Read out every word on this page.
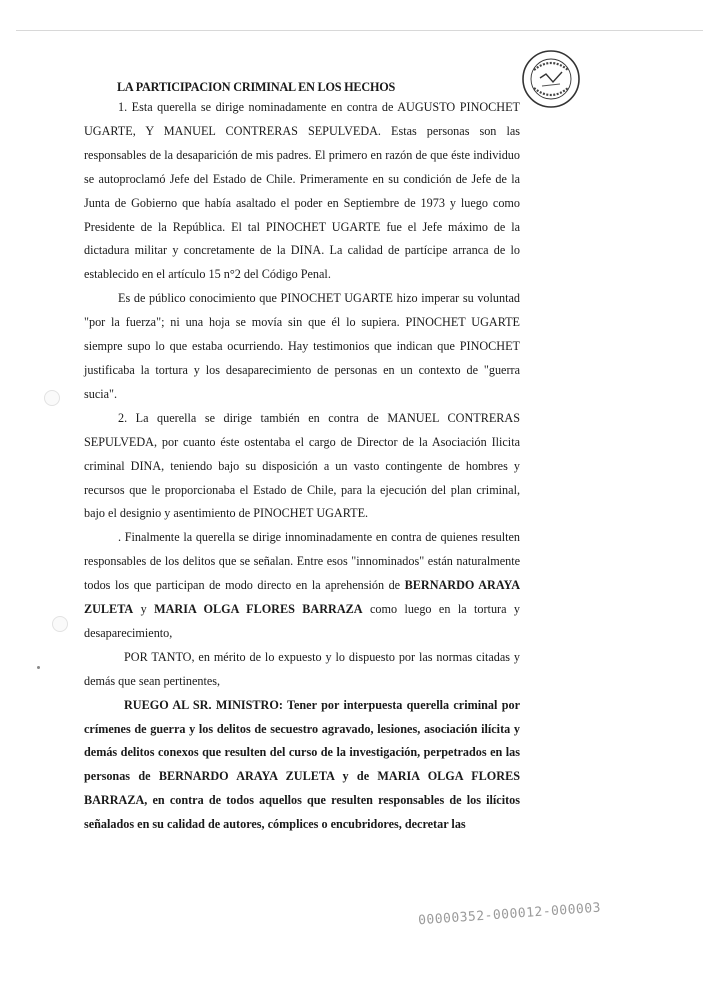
LA PARTICIPACION CRIMINAL EN LOS HECHOS

1. Esta querella se dirige nominadamente en contra de AUGUSTO PINOCHET UGARTE, Y MANUEL CONTRERAS SEPULVEDA. Estas personas son las responsables de la desaparición de mis padres. El primero en razón de que éste individuo se autoproclamó Jefe del Estado de Chile. Primeramente en su condición de Jefe de la Junta de Gobierno que había asaltado el poder en Septiembre de 1973 y luego como Presidente de la República. El tal PINOCHET UGARTE fue el Jefe máximo de la dictadura militar y concretamente de la DINA. La calidad de partícipe arranca de lo establecido en el artículo 15 n°2 del Código Penal.

Es de público conocimiento que PINOCHET UGARTE hizo imperar su voluntad "por la fuerza"; ni una hoja se movía sin que él lo supiera. PINOCHET UGARTE siempre supo lo que estaba ocurriendo. Hay testimonios que indican que PINOCHET justificaba la tortura y los desaparecimiento de personas en un contexto de "guerra sucia".

2. La querella se dirige también en contra de MANUEL CONTRERAS SEPULVEDA, por cuanto éste ostentaba el cargo de Director de la Asociación Ilicita criminal DINA, teniendo bajo su disposición a un vasto contingente de hombres y recursos que le proporcionaba el Estado de Chile, para la ejecución del plan criminal, bajo el designio y asentimiento de PINOCHET UGARTE.

. Finalmente la querella se dirige innominadamente en contra de quienes resulten responsables de los delitos que se señalan. Entre esos "innominados" están naturalmente todos los que participan de modo directo en la aprehensión de BERNARDO ARAYA ZULETA y MARIA OLGA FLORES BARRAZA como luego en la tortura y desaparecimiento,

POR TANTO, en mérito de lo expuesto y lo dispuesto por las normas citadas y demás que sean pertinentes,

RUEGO AL SR. MINISTRO: Tener por interpuesta querella criminal por crímenes de guerra y los delitos de secuestro agravado, lesiones, asociación ilícita y demás delitos conexos que resulten del curso de la investigación, perpetrados en las personas de BERNARDO ARAYA ZULETA y de MARIA OLGA FLORES BARRAZA, en contra de todos aquellos que resulten responsables de los ilícitos señalados en su calidad de autores, cómplices o encubridores, decretar las

00000352-000012-000003
